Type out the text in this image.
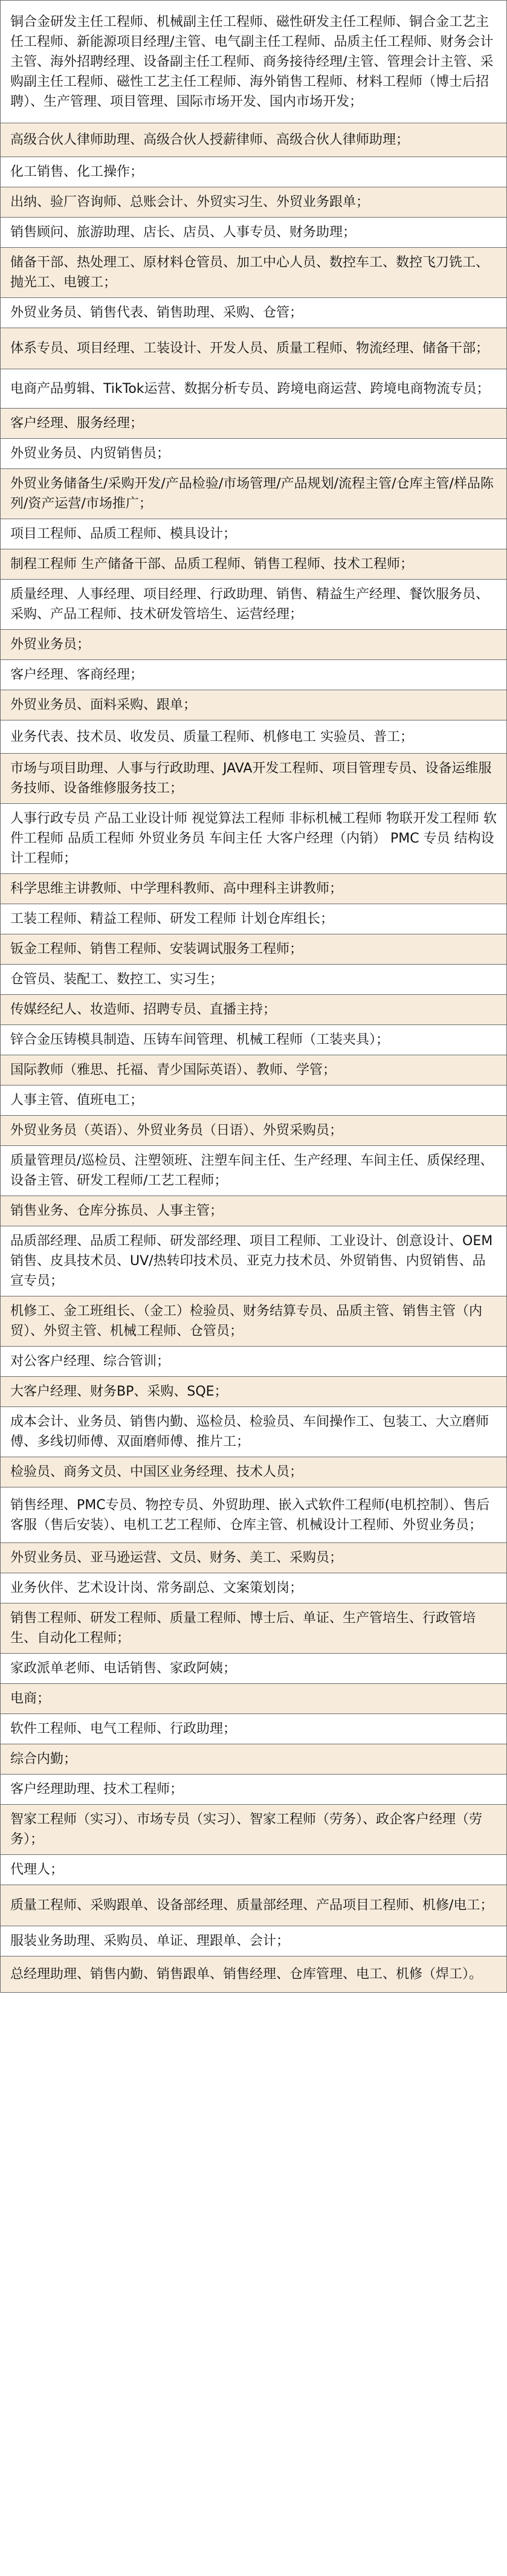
铜合金研发主任工程师、机械副主任工程师、磁性研发主任工程师、铜合金工艺主任工程师、新能源项目经理/主管、电气副主任工程师、品质主任工程师、财务会计主管、海外招聘经理、设备副主任工程师、商务接待经理/主管、管理会计主管、采购副主任工程师、磁性工艺主任工程师、海外销售工程师、材料工程师（博士后招聘）、生产管理、项目管理、国际市场开发、国内市场开发；
高级合伙人律师助理、高级合伙人授薪律师、高级合伙人律师助理；
化工销售、化工操作；
出纳、验厂咨询师、总账会计、外贸实习生、外贸业务跟单；
销售顾问、旅游助理、店长、店员、人事专员、财务助理；
储备干部、热处理工、原材料仓管员、加工中心人员、数控车工、数控飞刀铣工、抛光工、电镀工；
外贸业务员、销售代表、销售助理、采购、仓管；
体系专员、项目经理、工装设计、开发人员、质量工程师、物流经理、储备干部；
电商产品剪辑、TikTok运营、数据分析专员、跨境电商运营、跨境电商物流专员；
客户经理、服务经理；
外贸业务员、内贸销售员；
外贸业务储备生/采购开发/产品检验/市场管理/产品规划/流程主管/仓库主管/样品陈列/资产运营/市场推广；
项目工程师、品质工程师、模具设计；
制程工程师 生产储备干部、品质工程师、销售工程师、技术工程师；
质量经理、人事经理、项目经理、行政助理、销售、精益生产经理、餐饮服务员、采购、产品工程师、技术研发管培生、运营经理；
外贸业务员；
客户经理、客商经理；
外贸业务员、面料采购、跟单；
业务代表、技术员、收发员、质量工程师、机修电工 实验员、普工；
市场与项目助理、人事与行政助理、JAVA开发工程师、项目管理专员、设备运维服务技师、设备维修服务技工；
人事行政专员 产品工业设计师 视觉算法工程师 非标机械工程师 物联开发工程师 软件工程师 品质工程师 外贸业务员 车间主任 大客户经理（内销） PMC 专员 结构设计工程师；
科学思维主讲教师、中学理科教师、高中理科主讲教师；
工装工程师、精益工程师、研发工程师 计划仓库组长；
钣金工程师、销售工程师、安装调试服务工程师；
仓管员、装配工、数控工、实习生；
传媒经纪人、妆造师、招聘专员、直播主持；
锌合金压铸模具制造、压铸车间管理、机械工程师（工装夹具）；
国际教师（雅思、托福、青少国际英语）、教师、学管；
人事主管、值班电工；
外贸业务员（英语）、外贸业务员（日语）、外贸采购员；
质量管理员/巡检员、注塑领班、注塑车间主任、生产经理、车间主任、质保经理、设备主管、研发工程师/工艺工程师；
销售业务、仓库分拣员、人事主管；
品质部经理、品质工程师、研发部经理、项目工程师、工业设计、创意设计、OEM销售、皮具技术员、UV/热转印技术员、亚克力技术员、外贸销售、内贸销售、品宣专员；
机修工、金工班组长、（金工）检验员、财务结算专员、品质主管、销售主管（内贸）、外贸主管、机械工程师、仓管员；
对公客户经理、综合管训；
大客户经理、财务BP、采购、SQE；
成本会计、业务员、销售内勤、巡检员、检验员、车间操作工、包装工、大立磨师傅、多线切师傅、双面磨师傅、推片工；
检验员、商务文员、中国区业务经理、技术人员；
销售经理、PMC专员、物控专员、外贸助理、嵌入式软件工程师(电机控制）、售后客服（售后安装）、电机工艺工程师、仓库主管、机械设计工程师、外贸业务员；
外贸业务员、亚马逊运营、文员、财务、美工、采购员；
业务伙伴、艺术设计岗、常务副总、文案策划岗；
销售工程师、研发工程师、质量工程师、博士后、单证、生产管培生、行政管培生、自动化工程师；
家政派单老师、电话销售、家政阿姨；
电商；
软件工程师、电气工程师、行政助理；
综合内勤；
客户经理助理、技术工程师；
智家工程师（实习）、市场专员（实习）、智家工程师（劳务）、政企客户经理（劳务）；
代理人；
质量工程师、采购跟单、设备部经理、质量部经理、产品项目工程师、机修/电工；
服装业务助理、采购员、单证、理跟单、会计；
总经理助理、销售内勤、销售跟单、销售经理、仓库管理、电工、机修（焊工）。
